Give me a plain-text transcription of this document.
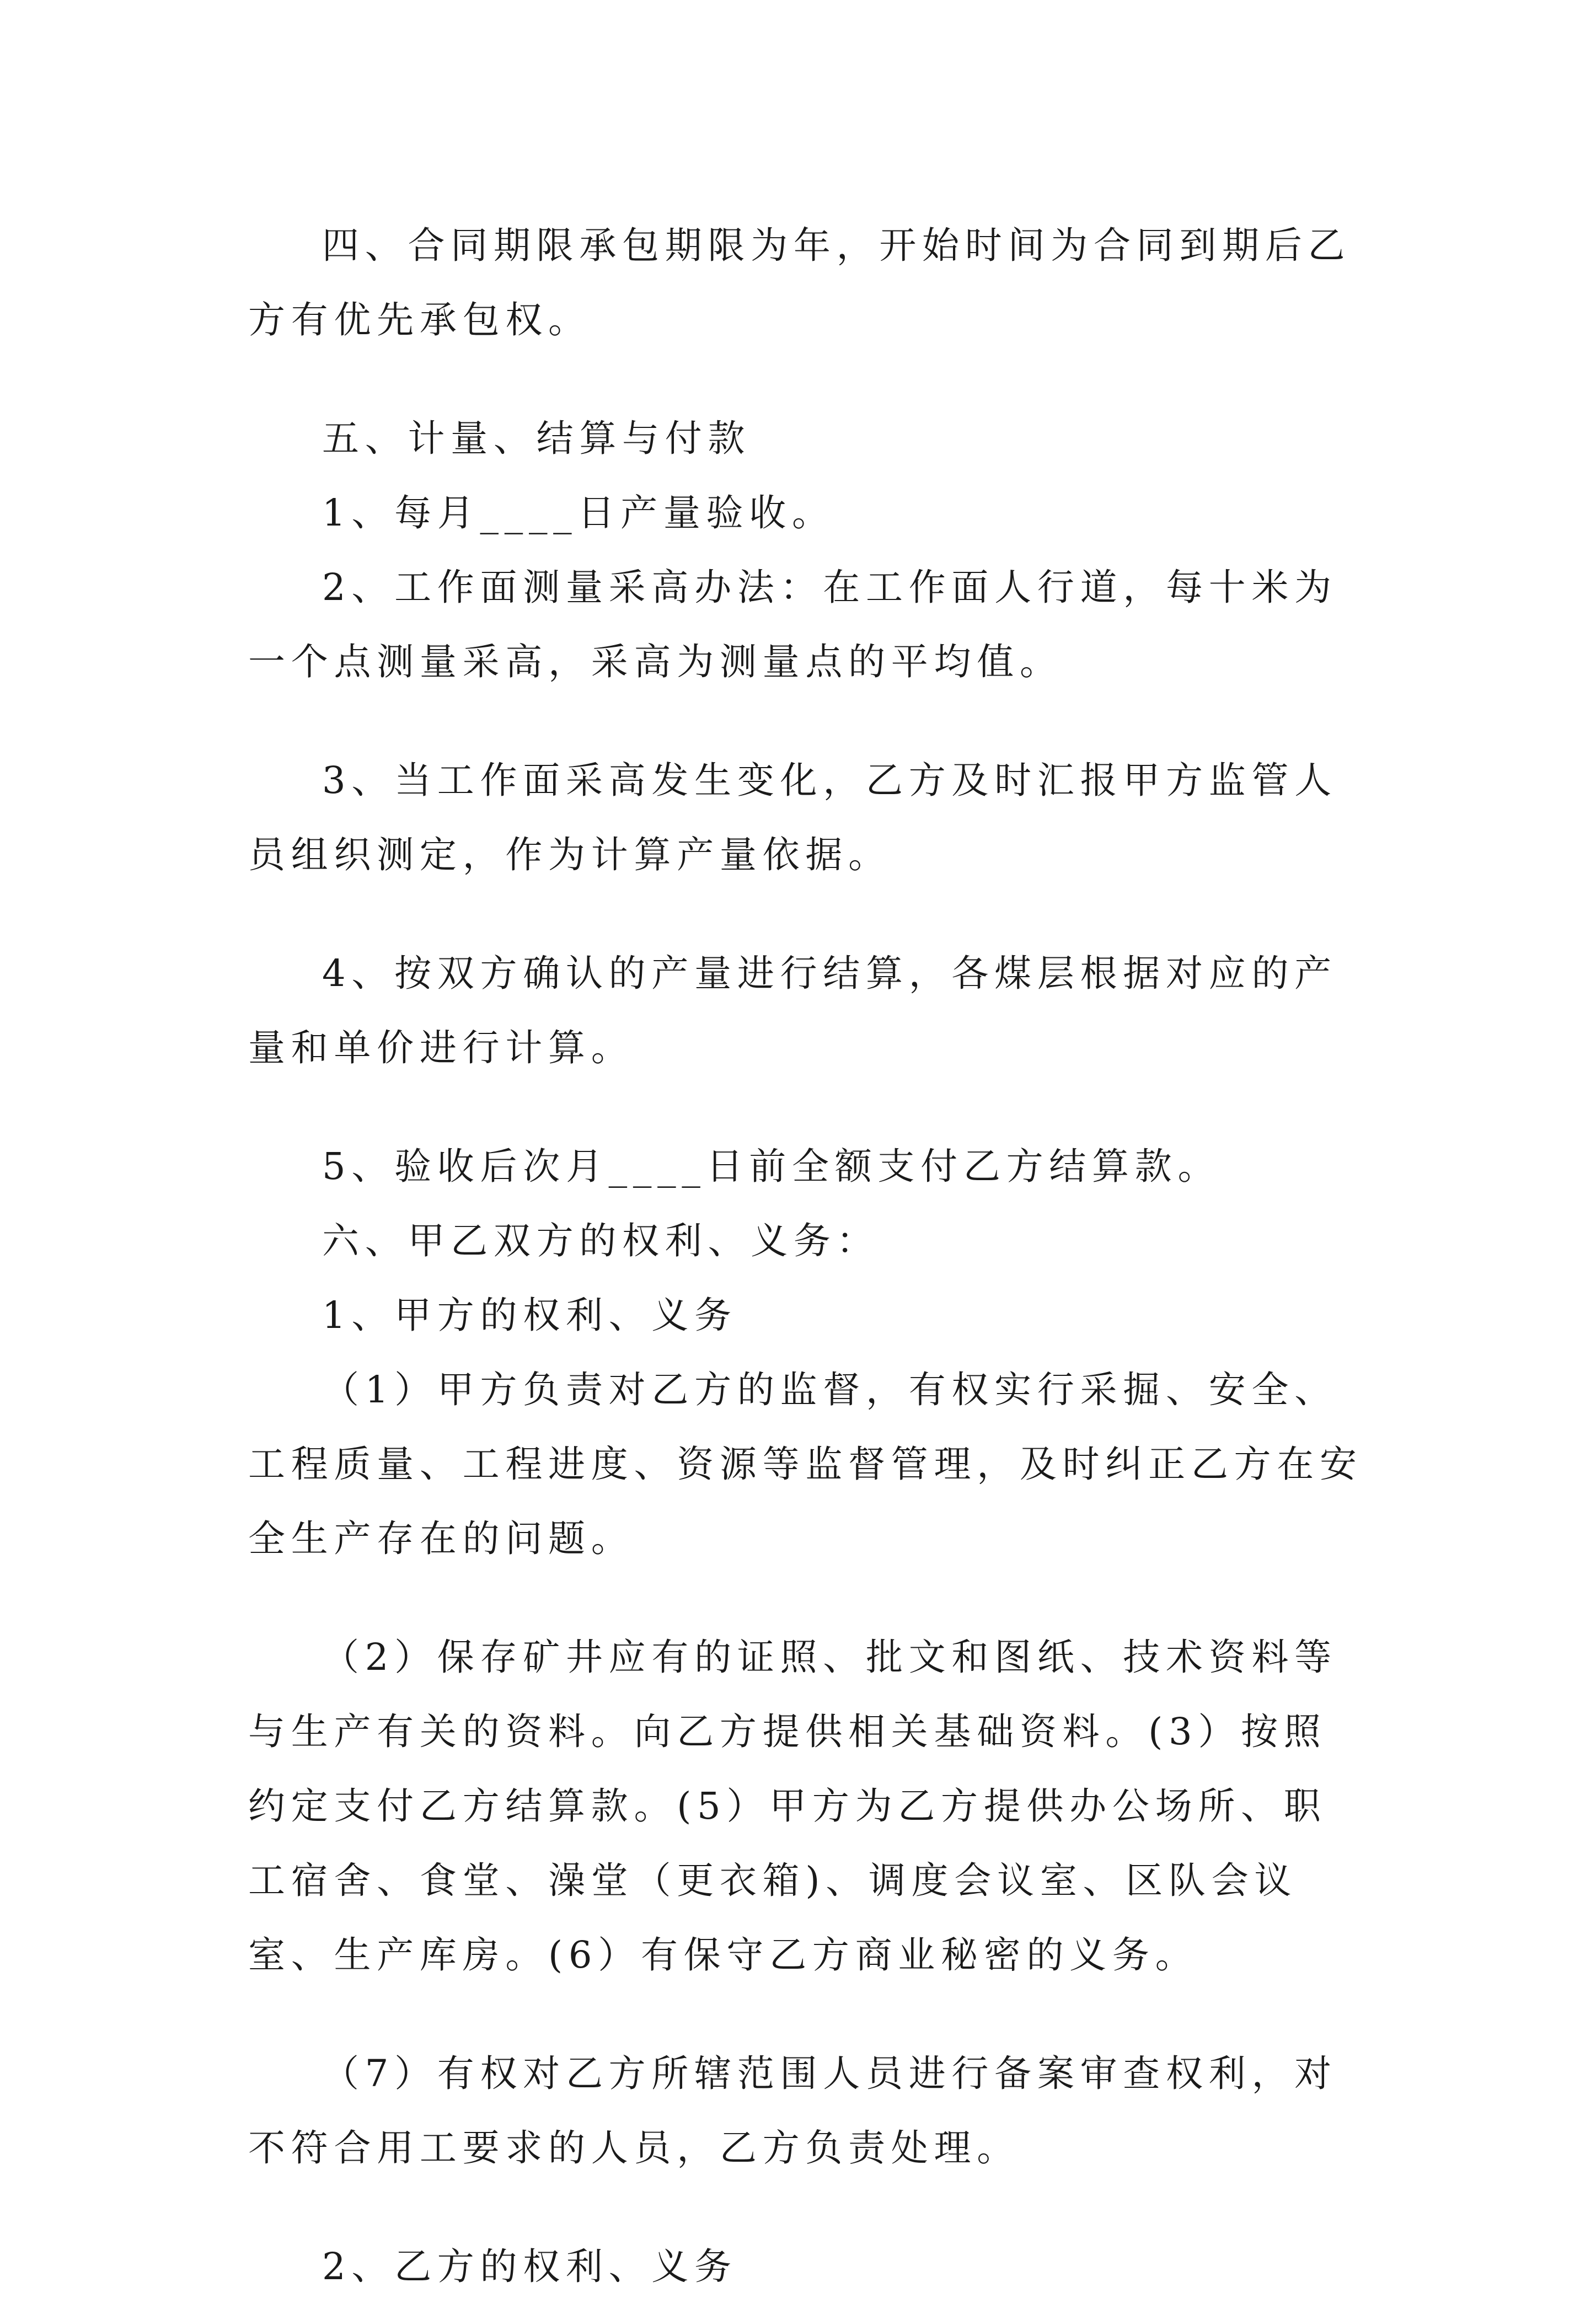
四、合同期限承包期限为年，开始时间为合同到期后乙方有优先承包权。

五、计量、结算与付款

1、每月____日产量验收。

2、工作面测量采高办法：在工作面人行道，每十米为一个点测量采高，采高为测量点的平均值。

3、当工作面采高发生变化，乙方及时汇报甲方监管人员组织测定，作为计算产量依据。

4、按双方确认的产量进行结算，各煤层根据对应的产量和单价进行计算。

5、验收后次月____日前全额支付乙方结算款。

六、甲乙双方的权利、义务：

1、甲方的权利、义务

（1）甲方负责对乙方的监督，有权实行采掘、安全、工程质量、工程进度、资源等监督管理，及时纠正乙方在安全生产存在的问题。

（2）保存矿井应有的证照、批文和图纸、技术资料等与生产有关的资料。向乙方提供相关基础资料。(3）按照约定支付乙方结算款。(5）甲方为乙方提供办公场所、职工宿舍、食堂、澡堂（更衣箱)、调度会议室、区队会议室、生产库房。(6）有保守乙方商业秘密的义务。

（7）有权对乙方所辖范围人员进行备案审查权利，对不符合用工要求的人员，乙方负责处理。

2、乙方的权利、义务
